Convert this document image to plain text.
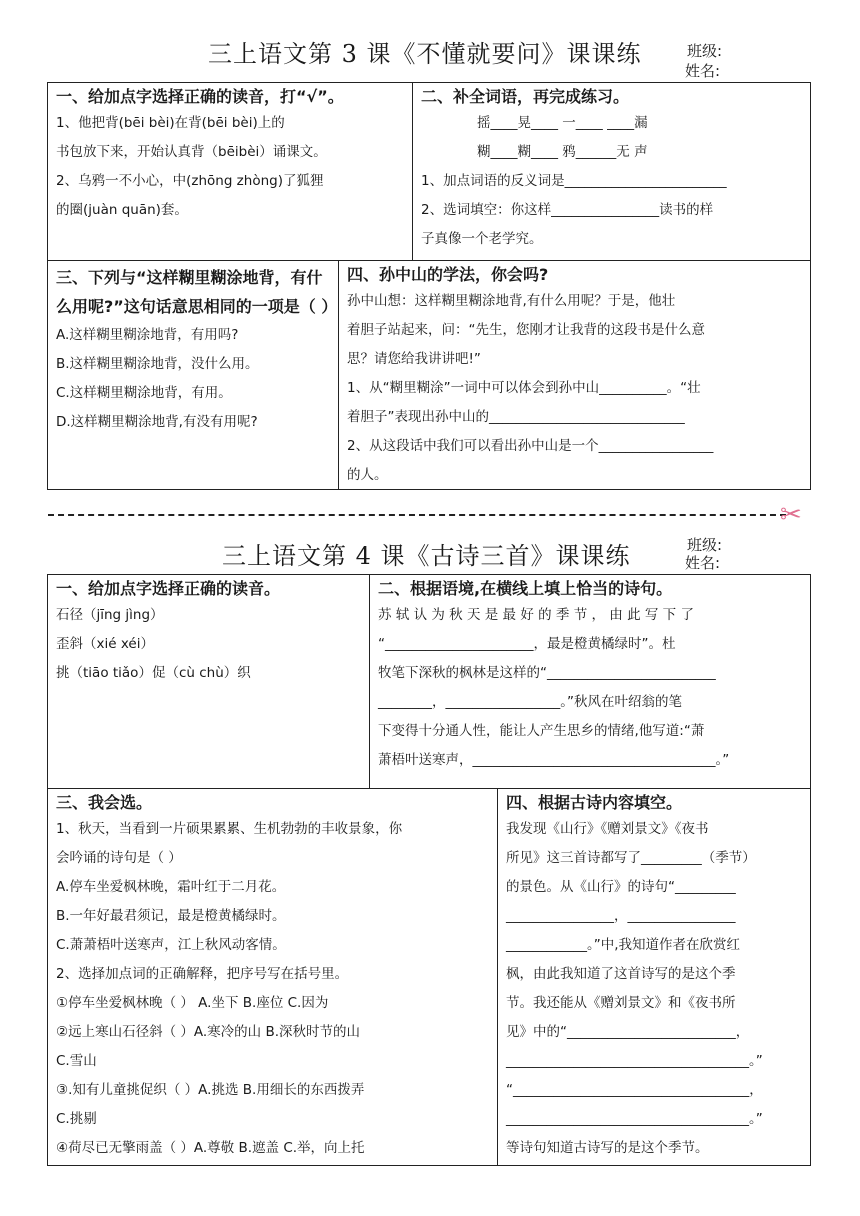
三上语文第 3 课《不懂就要问》课课练	班级:
姓名:
一、给加点字选择正确的读音，打“√”。
1、他把背(bēi bèi)在背(bēi bèi)上的
书包放下来，开始认真背（bēibèi）诵课文。
2、乌鸦一不小心，中(zhōng zhòng)了狐狸
的圈(juàn quān)套。
二、补全词语，再完成练习。
摇____晃____ 一____ ____漏
糊____糊____ 鸦______无 声
1、加点词语的反义词是________________________
2、选词填空：你这样________________读书的样
子真像一个老学究。
三、下列与“这样糊里糊涂地背，有什么用呢?”这句话意思相同的一项是（ ）
A.这样糊里糊涂地背，有用吗?
B.这样糊里糊涂地背，没什么用。
C.这样糊里糊涂地背，有用。
D.这样糊里糊涂地背,有没有用呢?
四、孙中山的学法，你会吗?
孙中山想：这样糊里糊涂地背,有什么用呢？于是，他壮
着胆子站起来，问：“先生，您刚才让我背的这段书是什么意
思？请您给我讲讲吧!”
1、从“糊里糊涂”一词中可以体会到孙中山__________。“壮
着胆子”表现出孙中山的_____________________________
2、从这段话中我们可以看出孙中山是一个_________________
的人。
✂
三上语文第 4 课《古诗三首》课课练	班级:
姓名:
一、给加点字选择正确的读音。
石径（jīng jìng）
歪斜（xié xéi）
挑（tiāo tiǎo）促（cù chù）织
二、根据语境,在横线上填上恰当的诗句。
苏 轼 认 为 秋 天 是 最 好 的 季 节 ， 由 此 写 下 了
“______________________，最是橙黄橘绿时”。杜
牧笔下深秋的枫林是这样的“_________________________
________，_________________。”秋风在叶绍翁的笔
下变得十分通人性，能让人产生思乡的情绪,他写道:“萧
萧梧叶送寒声，____________________________________。”
三、我会选。
1、秋天，当看到一片硕果累累、生机勃勃的丰收景象，你
会吟诵的诗句是（ ）
A.停车坐爱枫林晚，霜叶红于二月花。
B.一年好最君须记，最是橙黄橘绿时。
C.萧萧梧叶送寒声，江上秋风动客情。
2、选择加点词的正确解释，把序号写在括号里。
①停车坐爱枫林晚（ ） A.坐下 B.座位 C.因为
②远上寒山石径斜（ ）A.寒冷的山 B.深秋时节的山
C.雪山
③.知有儿童挑促织（ ）A.挑选 B.用细长的东西拨弄
C.挑剔
④荷尽已无擎雨盖（ ）A.尊敬 B.遮盖 C.举，向上托
四、根据古诗内容填空。
我发现《山行》《赠刘景文》《夜书
所见》这三首诗都写了_________（季节）
的景色。从《山行》的诗句“_________
________________，________________
____________。”中,我知道作者在欣赏红
枫，由此我知道了这首诗写的是这个季
节。我还能从《赠刘景文》和《夜书所
见》中的“_________________________，
____________________________________。”
“___________________________________，
____________________________________。”
等诗句知道古诗写的是这个季节。
